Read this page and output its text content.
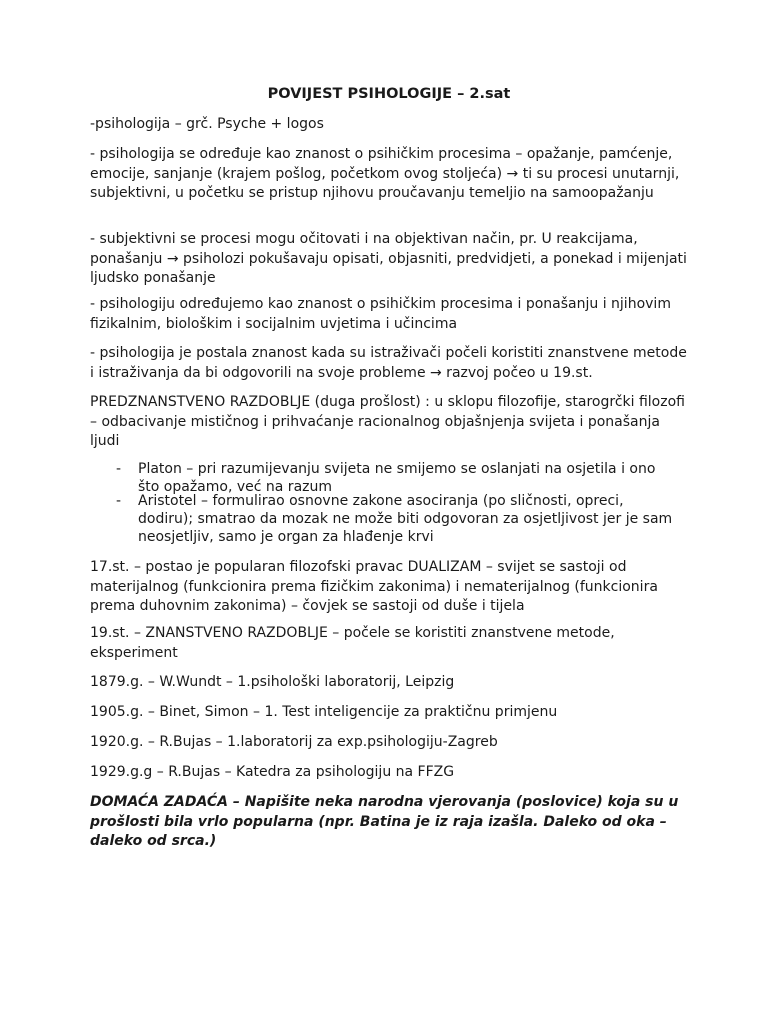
POVIJEST PSIHOLOGIJE – 2.sat

-psihologija – grč. Psyche + logos

- psihologija se određuje kao znanost o psihičkim procesima – opažanje, pamćenje, emocije, sanjanje (krajem pošlog, početkom ovog stoljeća) → ti su procesi unutarnji, subjektivni, u početku se pristup njihovu proučavanju temeljio na samoopažanju

- subjektivni se procesi mogu očitovati i na objektivan način, pr. U reakcijama, ponašanju → psiholozi pokušavaju opisati, objasniti, predvidjeti, a ponekad i mijenjati ljudsko ponašanje

- psihologiju određujemo kao znanost o psihičkim procesima i ponašanju i njihovim fizikalnim, biološkim i socijalnim uvjetima i učincima

- psihologija je postala znanost kada su istraživači počeli koristiti znanstvene metode i istraživanja da bi odgovorili na svoje probleme → razvoj počeo u 19.st.

PREDZNANSTVENO RAZDOBLJE (duga prošlost) : u sklopu filozofije, starogrčki filozofi – odbacivanje mističnog i prihvaćanje racionalnog objašnjenja svijeta i ponašanja ljudi

- Platon – pri razumijevanju svijeta ne smijemo se oslanjati na osjetila i ono što opažamo, već na razum
- Aristotel – formulirao osnovne zakone asociranja (po sličnosti, opreci, dodiru); smatrao da mozak ne može biti odgovoran za osjetljivost jer je sam neosjetljiv, samo je organ za hlađenje krvi

17.st. – postao je popularan filozofski pravac DUALIZAM – svijet se sastoji od materijalnog (funkcionira prema fizičkim zakonima) i nematerijalnog (funkcionira prema duhovnim zakonima) – čovjek se sastoji od duše i tijela

19.st. – ZNANSTVENO RAZDOBLJE – počele se koristiti znanstvene metode, eksperiment

1879.g. – W.Wundt – 1.psihološki laboratorij, Leipzig

1905.g. – Binet, Simon – 1. Test inteligencije za praktičnu primjenu

1920.g. – R.Bujas – 1.laboratorij za exp.psihologiju-Zagreb

1929.g.g – R.Bujas – Katedra za psihologiju na FFZG

DOMAĆA ZADAĆA – Napišite neka narodna vjerovanja (poslovice) koja su u prošlosti bila vrlo popularna (npr. Batina je iz raja izašla. Daleko od oka – daleko od srca.)
